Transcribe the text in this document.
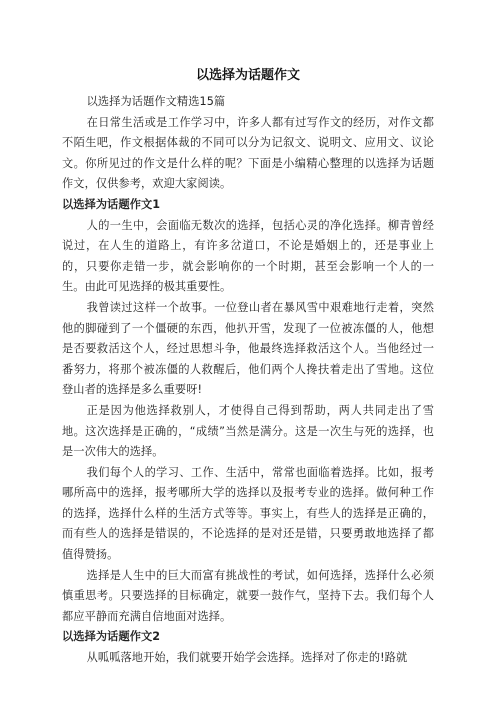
以选择为话题作文

以选择为话题作文精选15篇

在日常生活或是工作学习中，许多人都有过写作文的经历，对作文都不陌生吧，作文根据体裁的不同可以分为记叙文、说明文、应用文、议论文。你所见过的作文是什么样的呢？下面是小编精心整理的以选择为话题作文，仅供参考，欢迎大家阅读。

以选择为话题作文1

人的一生中，会面临无数次的选择，包括心灵的净化选择。柳青曾经说过，在人生的道路上，有许多岔道口，不论是婚姻上的，还是事业上的，只要你走错一步，就会影响你的一个时期，甚至会影响一个人的一生。由此可见选择的极其重要性。

我曾读过这样一个故事。一位登山者在暴风雪中艰难地行走着，突然他的脚碰到了一个僵硬的东西，他扒开雪，发现了一位被冻僵的人，他想是否要救活这个人，经过思想斗争，他最终选择救活这个人。当他经过一番努力，将那个被冻僵的人救醒后，他们两个人搀扶着走出了雪地。这位登山者的选择是多么重要呀!

正是因为他选择救别人，才使得自己得到帮助，两人共同走出了雪地。这次选择是正确的，“成绩”当然是满分。这是一次生与死的选择，也是一次伟大的选择。

我们每个人的学习、工作、生活中，常常也面临着选择。比如，报考哪所高中的选择，报考哪所大学的选择以及报考专业的选择。做何种工作的选择，选择什么样的生活方式等等。事实上，有些人的选择是正确的，而有些人的选择是错误的，不论选择的是对还是错，只要勇敢地选择了都值得赞扬。

选择是人生中的巨大而富有挑战性的考试，如何选择，选择什么必须慎重思考。只要选择的目标确定，就要一鼓作气，坚持下去。我们每个人都应平静而充满自信地面对选择。

以选择为话题作文2

从呱呱落地开始，我们就要开始学会选择。选择对了你走的!路就
